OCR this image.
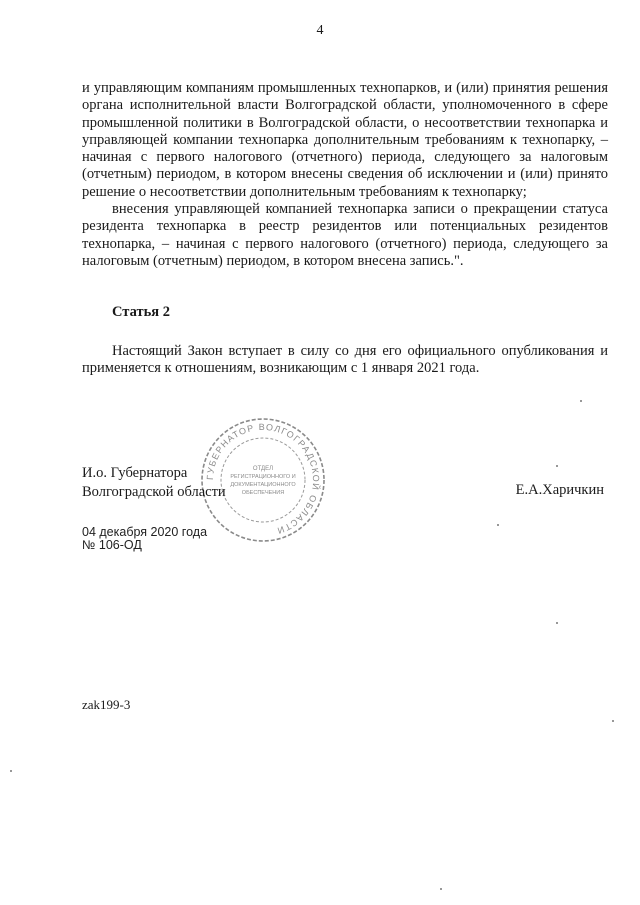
4

и управляющим компаниям промышленных технопарков, и (или) принятия решения органа исполнительной власти Волгоградской области, уполномоченного в сфере промышленной политики в Волгоградской области, о несоответствии технопарка и управляющей компании технопарка дополнительным требованиям к технопарку, – начиная с первого налогового (отчетного) периода, следующего за налоговым (отчетным) периодом, в котором внесены сведения об исключении и (или) принято решение о несоответствии дополнительным требованиям к технопарку;

внесения управляющей компанией технопарка записи о прекращении статуса резидента технопарка в реестр резидентов или потенциальных резидентов технопарка, – начиная с первого налогового (отчетного) периода, следующего за налоговым (отчетным) периодом, в котором внесена запись.".

Статья 2

Настоящий Закон вступает в силу со дня его официального опубликования и применяется к отношениям, возникающим с 1 января 2021 года.

ГУБЕРНАТОР ВОЛГОГРАДСКОЙ ОБЛАСТИ
ОТДЕЛ
РЕГИСТРАЦИОННОГО И
ДОКУМЕНТАЦИОННОГО
ОБЕСПЕЧЕНИЯ
И.о. Губернатора
Волгоградской области	Е.А.Харичкин
04 декабря 2020 года
№ 106-ОД
zak199-3
